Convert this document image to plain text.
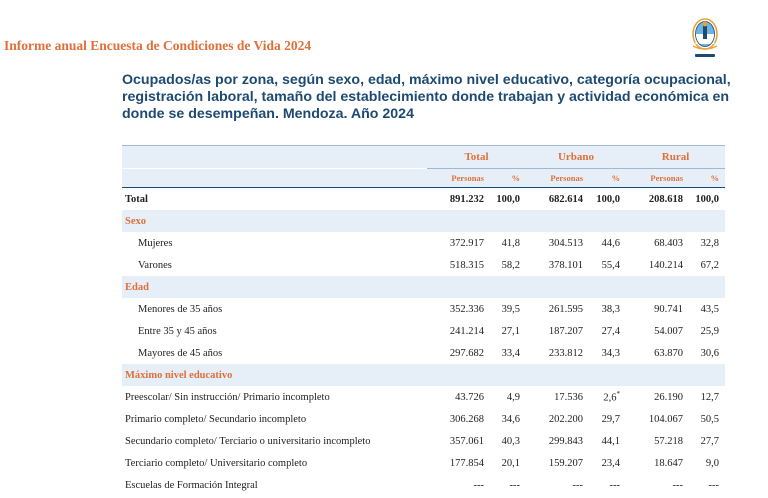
Informe anual Encuesta de Condiciones de Vida 2024
Ocupados/as por zona, según sexo, edad, máximo nivel educativo, categoría ocupacional, registración laboral, tamaño del establecimiento donde trabajan y actividad económica en donde se desempeñan. Mendoza. Año 2024
	Total		Urbano		Rural	
	Personas	%	Personas	%	Personas	%
Total	891.232	100,0	682.614	100,0	208.618	100,0
Sexo						
Mujeres	372.917	41,8	304.513	44,6	68.403	32,8
Varones	518.315	58,2	378.101	55,4	140.214	67,2
Edad						
Menores de 35 años	352.336	39,5	261.595	38,3	90.741	43,5
Entre 35 y 45 años	241.214	27,1	187.207	27,4	54.007	25,9
Mayores de 45 años	297.682	33,4	233.812	34,3	63.870	30,6
Máximo nivel educativo						
Preescolar/ Sin instrucción/ Primario incompleto	43.726	4,9	17.536	2,6*	26.190	12,7
Primario completo/ Secundario incompleto	306.268	34,6	202.200	29,7	104.067	50,5
Secundario completo/ Terciario o universitario incompleto	357.061	40,3	299.843	44,1	57.218	27,7
Terciario completo/ Universitario completo	177.854	20,1	159.207	23,4	18.647	9,0
Escuelas de Formación Integral	---	---	---	---	---	---
